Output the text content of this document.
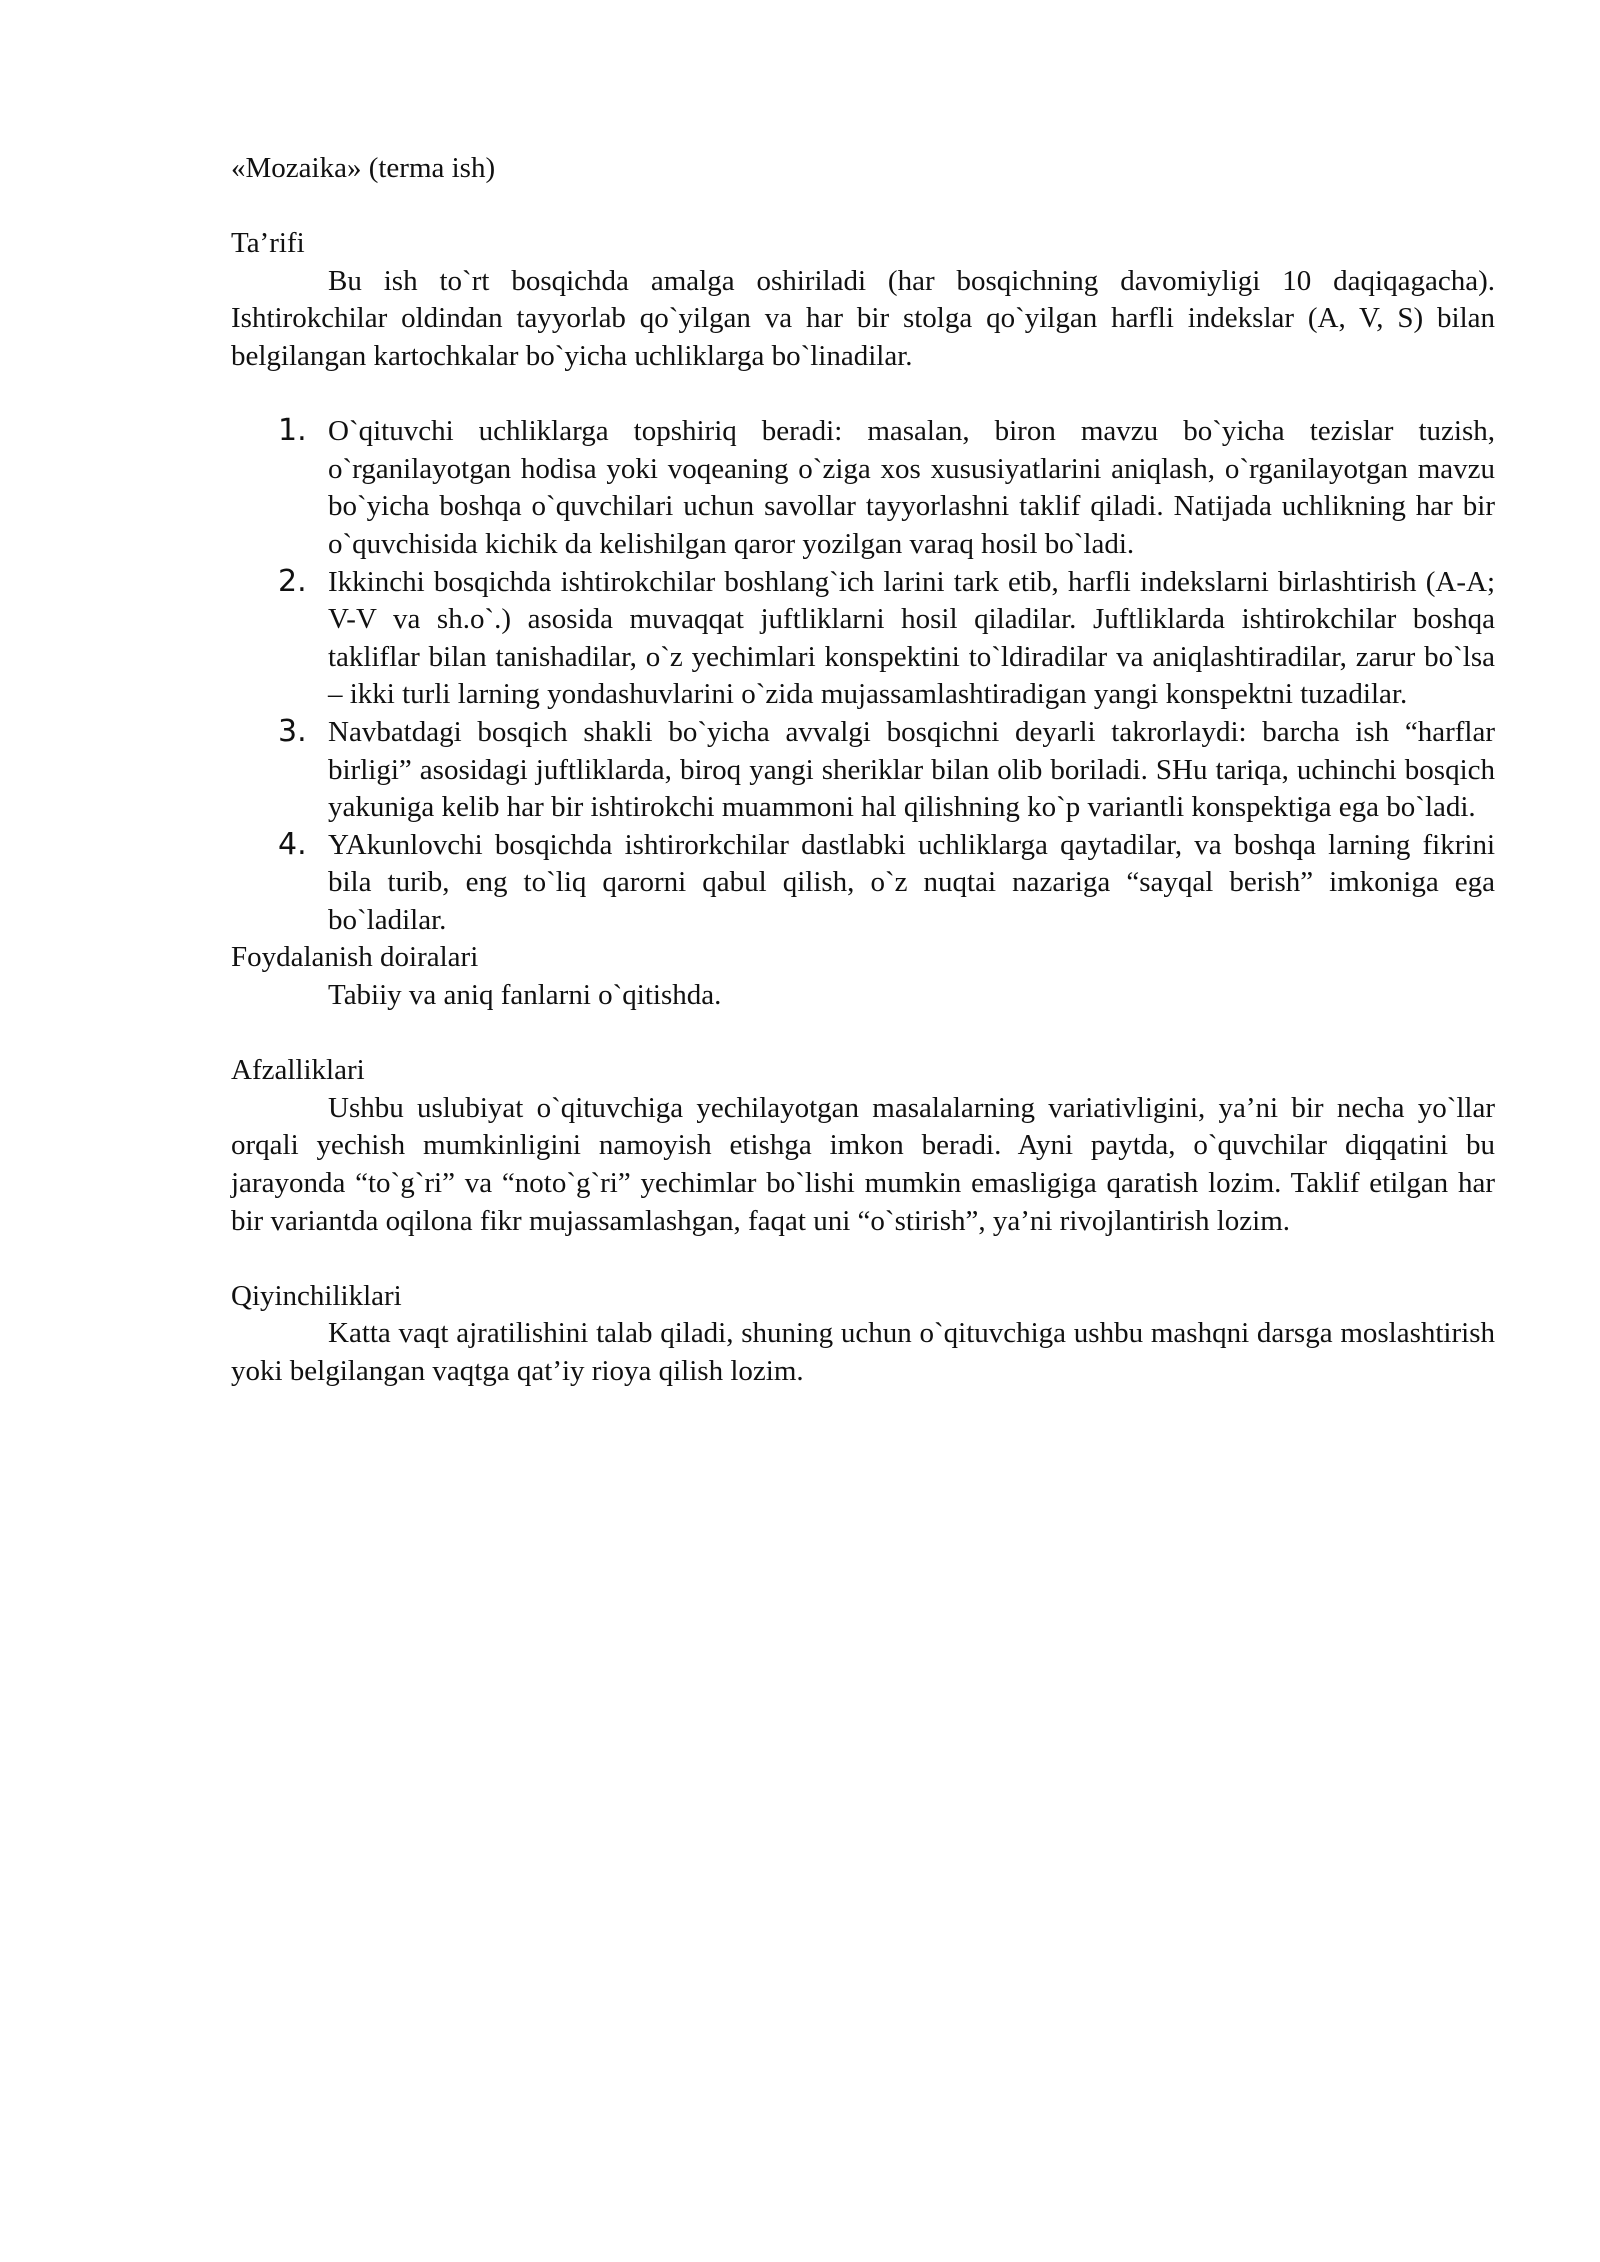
«Mozaika» (terma ish)

Ta’rifi

Bu ish to`rt bosqichda amalga oshiriladi (har bosqichning davomiyligi 10 daqiqagacha). Ishtirokchilar oldindan tayyorlab qo`yilgan va har bir stolga qo`yilgan harfli indekslar (A, V, S) bilan belgilangan kartochkalar bo`yicha uchliklarga bo`linadilar.

1. O`qituvchi uchliklarga topshiriq beradi: masalan, biron mavzu bo`yicha tezislar tuzish, o`rganilayotgan hodisa yoki voqeaning o`ziga xos xususiyatlarini aniqlash, o`rganilayotgan mavzu bo`yicha boshqa o`quvchilari uchun savollar tayyorlashni taklif qiladi. Natijada uchlikning har bir o`quvchisida kichik da kelishilgan qaror yozilgan varaq hosil bo`ladi.
2. Ikkinchi bosqichda ishtirokchilar boshlang`ich larini tark etib, harfli indekslarni birlashtirish (A-A; V-V va sh.o`.) asosida muvaqqat juftliklarni hosil qiladilar. Juftliklarda ishtirokchilar boshqa takliflar bilan tanishadilar, o`z yechimlari konspektini to`ldiradilar va aniqlashtiradilar, zarur bo`lsa – ikki turli larning yondashuvlarini o`zida mujassamlashtiradigan yangi konspektni tuzadilar.
3. Navbatdagi bosqich shakli bo`yicha avvalgi bosqichni deyarli takrorlaydi: barcha ish “harflar birligi” asosidagi juftliklarda, biroq yangi sheriklar bilan olib boriladi. SHu tariqa, uchinchi bosqich yakuniga kelib har bir ishtirokchi muammoni hal qilishning ko`p variantli konspektiga ega bo`ladi.
4. YAkunlovchi bosqichda ishtirorkchilar dastlabki uchliklarga qaytadilar, va boshqa larning fikrini bila turib, eng to`liq qarorni qabul qilish, o`z nuqtai nazariga “sayqal berish” imkoniga ega bo`ladilar.

Foydalanish doiralari

Tabiiy va aniq fanlarni o`qitishda.

Afzalliklari

Ushbu uslubiyat o`qituvchiga yechilayotgan masalalarning variativligini, ya’ni bir necha yo`llar orqali yechish mumkinligini namoyish etishga imkon beradi. Ayni paytda, o`quvchilar diqqatini bu jarayonda “to`g`ri” va “noto`g`ri” yechimlar bo`lishi mumkin emasligiga qaratish lozim. Taklif etilgan har bir variantda oqilona fikr mujassamlashgan, faqat uni “o`stirish”, ya’ni rivojlantirish lozim.

Qiyinchiliklari

Katta vaqt ajratilishini talab qiladi, shuning uchun o`qituvchiga ushbu mashqni darsga moslashtirish yoki belgilangan vaqtga qat’iy rioya qilish lozim.
